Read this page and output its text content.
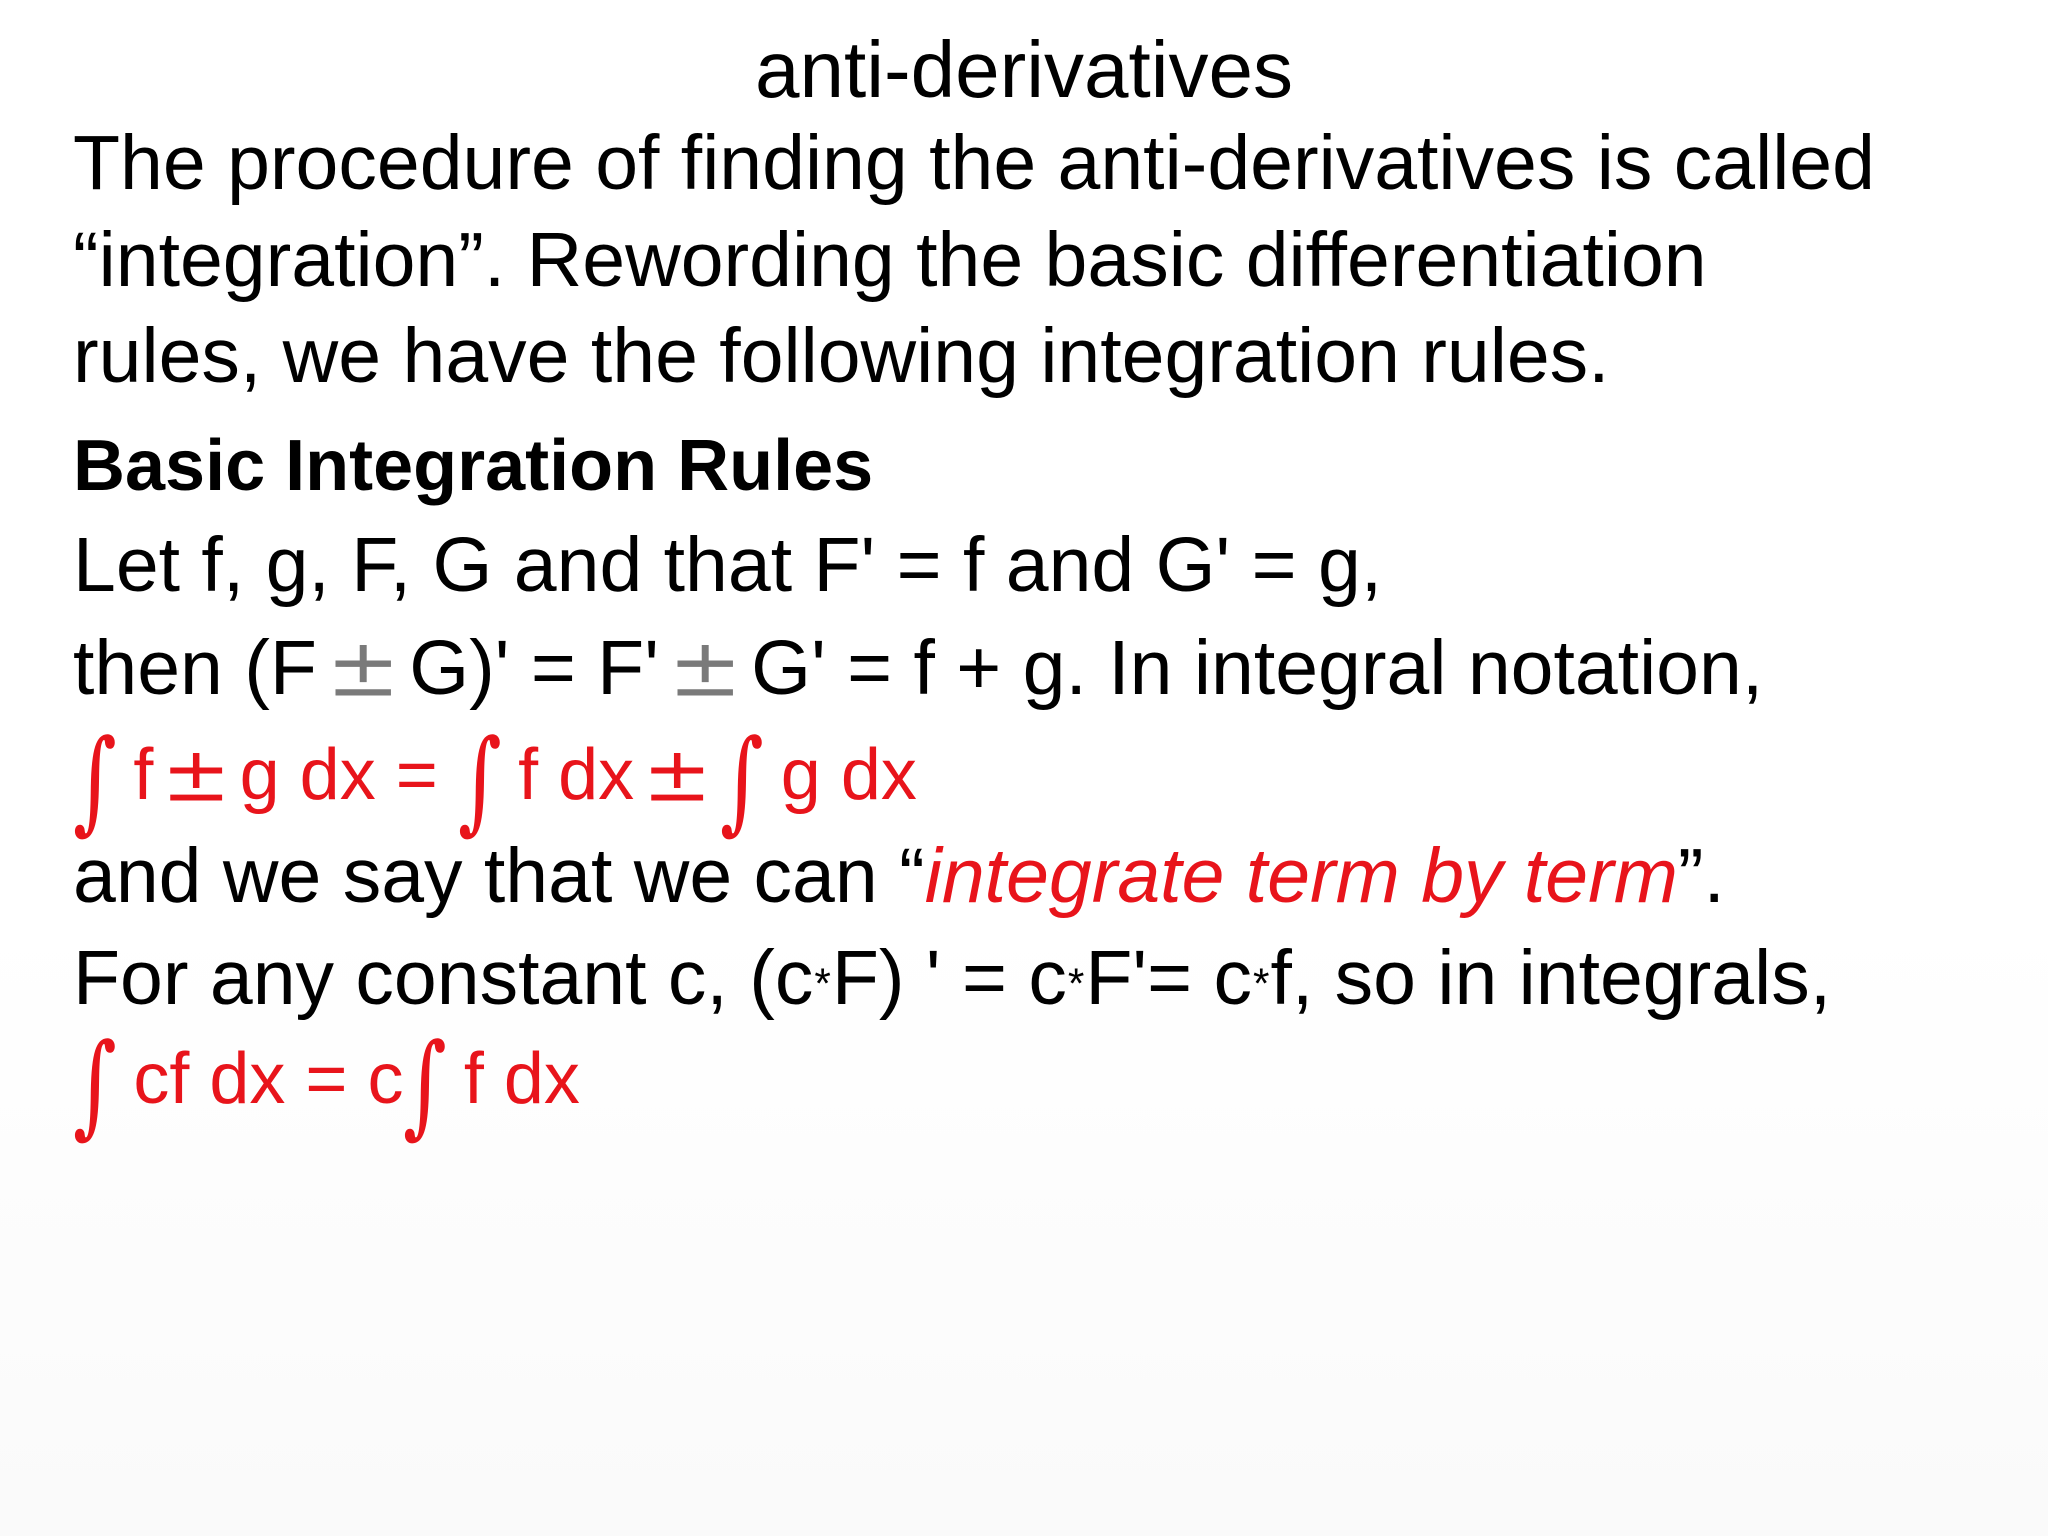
anti-derivatives
The procedure of finding the anti-derivatives is called
“integration”. Rewording the basic differentiation
rules, we have the following integration rules.
Basic Integration Rules
Let f, g, F, G and that F' = f and G' = g,
then (F ± G)' = F' ± G' = f + g. In integral notation,
∫ f ± g dx = ∫ f dx ±∫ g dx
and we say that we can “integrate term by term”.
For any constant c, (c*F) ' = c*F'= c*f, so in integrals,
∫ cf dx = c∫ f dx
